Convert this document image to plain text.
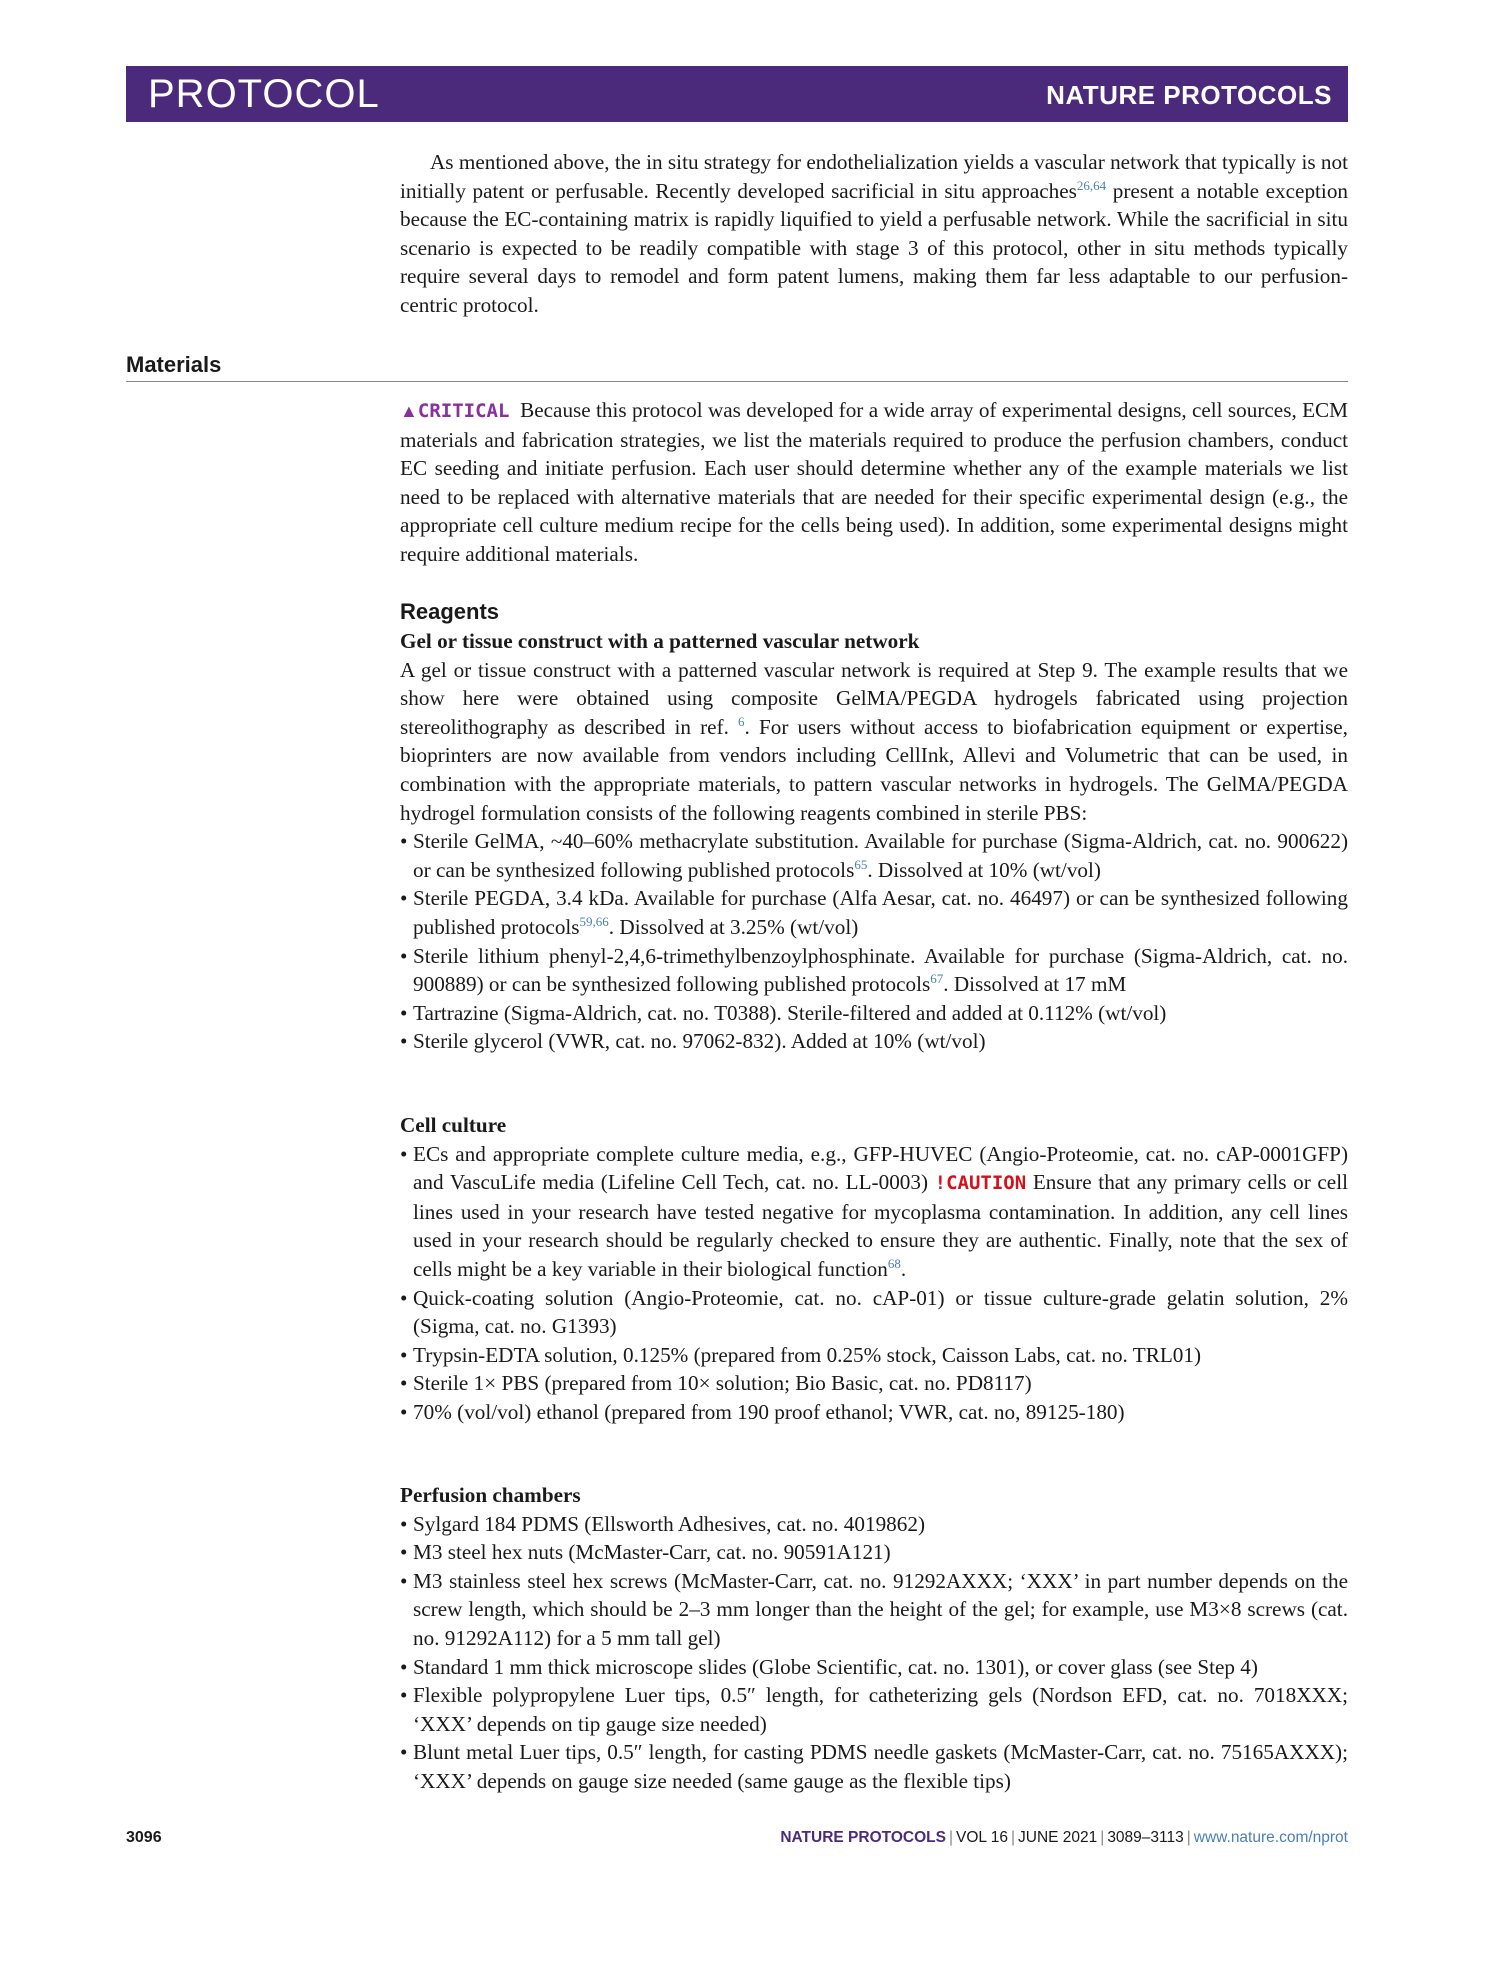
PROTOCOL	NATURE PROTOCOLS

As mentioned above, the in situ strategy for endothelialization yields a vascular network that typically is not initially patent or perfusable. Recently developed sacrificial in situ approaches$^{26,64}$ present a notable exception because the EC-containing matrix is rapidly liquified to yield a perfusable network. While the sacrificial in situ scenario is expected to be readily compatible with stage 3 of this protocol, other in situ methods typically require several days to remodel and form patent lumens, making them far less adaptable to our perfusion-centric protocol.

Materials

▲CRITICAL Because this protocol was developed for a wide array of experimental designs, cell sources, ECM materials and fabrication strategies, we list the materials required to produce the perfusion chambers, conduct EC seeding and initiate perfusion. Each user should determine whether any of the example materials we list need to be replaced with alternative materials that are needed for their specific experimental design (e.g., the appropriate cell culture medium recipe for the cells being used). In addition, some experimental designs might require additional materials.

Reagents
Gel or tissue construct with a patterned vascular network

A gel or tissue construct with a patterned vascular network is required at Step 9. The example results that we show here were obtained using composite GelMA/PEGDA hydrogels fabricated using projection stereolithography as described in ref. $^6$. For users without access to biofabrication equipment or expertise, bioprinters are now available from vendors including CellInk, Allevi and Volumetric that can be used, in combination with the appropriate materials, to pattern vascular networks in hydrogels. The GelMA/PEGDA hydrogel formulation consists of the following reagents combined in sterile PBS:

• Sterile GelMA, ~40–60% methacrylate substitution. Available for purchase (Sigma-Aldrich, cat. no. 900622) or can be synthesized following published protocols$^{65}$. Dissolved at 10% (wt/vol)
• Sterile PEGDA, 3.4 kDa. Available for purchase (Alfa Aesar, cat. no. 46497) or can be synthesized following published protocols$^{59,66}$. Dissolved at 3.25% (wt/vol)
• Sterile lithium phenyl-2,4,6-trimethylbenzoylphosphinate. Available for purchase (Sigma-Aldrich, cat. no. 900889) or can be synthesized following published protocols$^{67}$. Dissolved at 17 mM
• Tartrazine (Sigma-Aldrich, cat. no. T0388). Sterile-filtered and added at 0.112% (wt/vol)
• Sterile glycerol (VWR, cat. no. 97062-832). Added at 10% (wt/vol)
Cell culture
• ECs and appropriate complete culture media, e.g., GFP-HUVEC (Angio-Proteomie, cat. no. cAP-0001GFP) and VascuLife media (Lifeline Cell Tech, cat. no. LL-0003) !CAUTION Ensure that any primary cells or cell lines used in your research have tested negative for mycoplasma contamination. In addition, any cell lines used in your research should be regularly checked to ensure they are authentic. Finally, note that the sex of cells might be a key variable in their biological function$^{68}$.
• Quick-coating solution (Angio-Proteomie, cat. no. cAP-01) or tissue culture-grade gelatin solution, 2% (Sigma, cat. no. G1393)
• Trypsin-EDTA solution, 0.125% (prepared from 0.25% stock, Caisson Labs, cat. no. TRL01)
• Sterile 1× PBS (prepared from 10× solution; Bio Basic, cat. no. PD8117)
• 70% (vol/vol) ethanol (prepared from 190 proof ethanol; VWR, cat. no, 89125-180)
Perfusion chambers
• Sylgard 184 PDMS (Ellsworth Adhesives, cat. no. 4019862)
• M3 steel hex nuts (McMaster-Carr, cat. no. 90591A121)
• M3 stainless steel hex screws (McMaster-Carr, cat. no. 91292AXXX; ‘XXX’ in part number depends on the screw length, which should be 2–3 mm longer than the height of the gel; for example, use M3×8 screws (cat. no. 91292A112) for a 5 mm tall gel)
• Standard 1 mm thick microscope slides (Globe Scientific, cat. no. 1301), or cover glass (see Step 4)
• Flexible polypropylene Luer tips, 0.5″ length, for catheterizing gels (Nordson EFD, cat. no. 7018XXX; ‘XXX’ depends on tip gauge size needed)
• Blunt metal Luer tips, 0.5″ length, for casting PDMS needle gaskets (McMaster-Carr, cat. no. 75165AXXX); ‘XXX’ depends on gauge size needed (same gauge as the flexible tips)
3096	NATURE PROTOCOLS | VOL 16 | JUNE 2021 | 3089–3113 | www.nature.com/nprot
